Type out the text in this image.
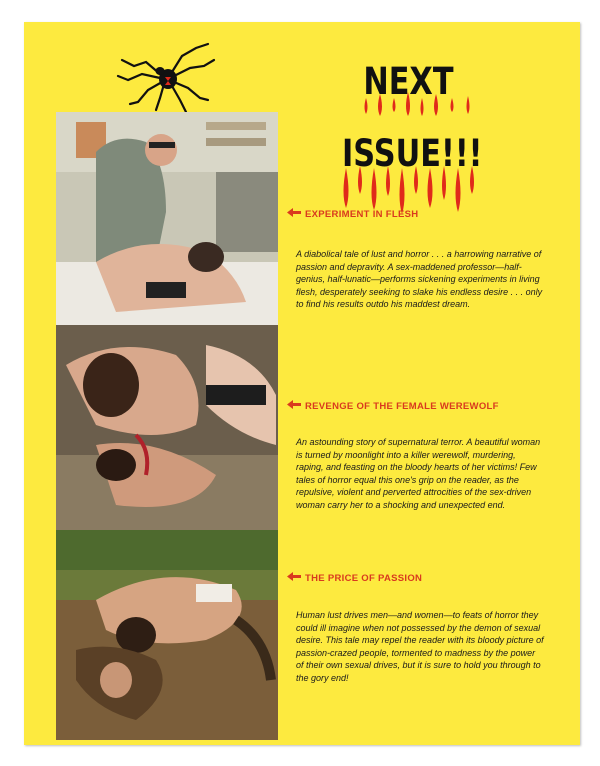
NEXT
ISSUE!!!
EXPERIMENT IN FLESH
A diabolical tale of lust and horror . . . a harrowing narrative of passion and depravity. A sex-maddened professor—half-genius, half-lunatic—performs sickening experiments in living flesh, desperately seeking to slake his endless desire . . . only to find his results outdo his maddest dream.
REVENGE OF THE FEMALE WEREWOLF
An astounding story of supernatural terror. A beautiful woman is turned by moonlight into a killer werewolf, murdering, raping, and feasting on the bloody hearts of her victims! Few tales of horror equal this one's grip on the reader, as the repulsive, violent and perverted attrocities of the sex-driven woman carry her to a shocking and unexpected end.
THE PRICE OF PASSION
Human lust drives men—and women—to feats of horror they could ill imagine when not possessed by the demon of sexual desire. This tale may repel the reader with its bloody picture of passion-crazed people, tormented to madness by the power of their own sexual drives, but it is sure to hold you through to the gory end!
